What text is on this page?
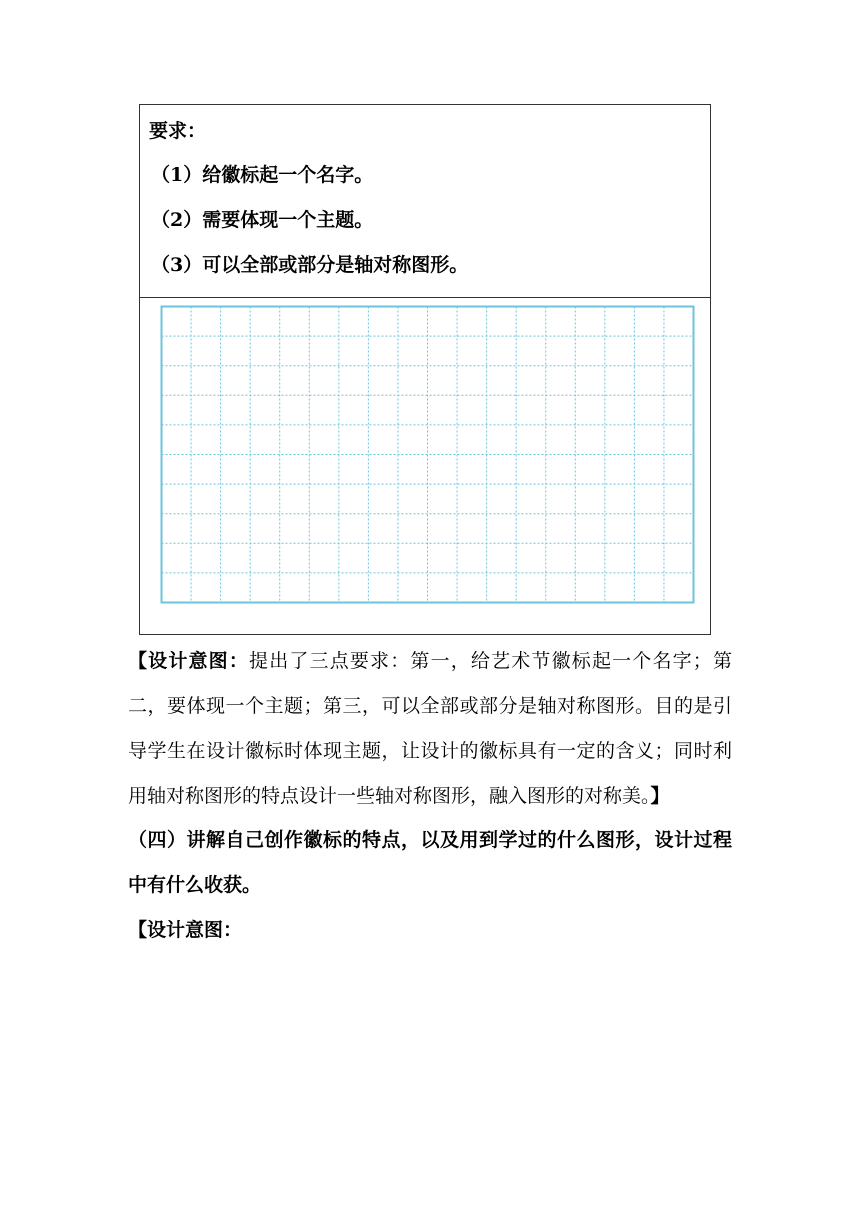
要求：
（1）给徽标起一个名字。
（2）需要体现一个主题。
（3）可以全部或部分是轴对称图形。
【设计意图：提出了三点要求：第一，给艺术节徽标起一个名字；第二，要体现一个主题；第三，可以全部或部分是轴对称图形。目的是引导学生在设计徽标时体现主题，让设计的徽标具有一定的含义；同时利用轴对称图形的特点设计一些轴对称图形，融入图形的对称美。】
（四）讲解自己创作徽标的特点，以及用到学过的什么图形，设计过程中有什么收获。
【设计意图：
